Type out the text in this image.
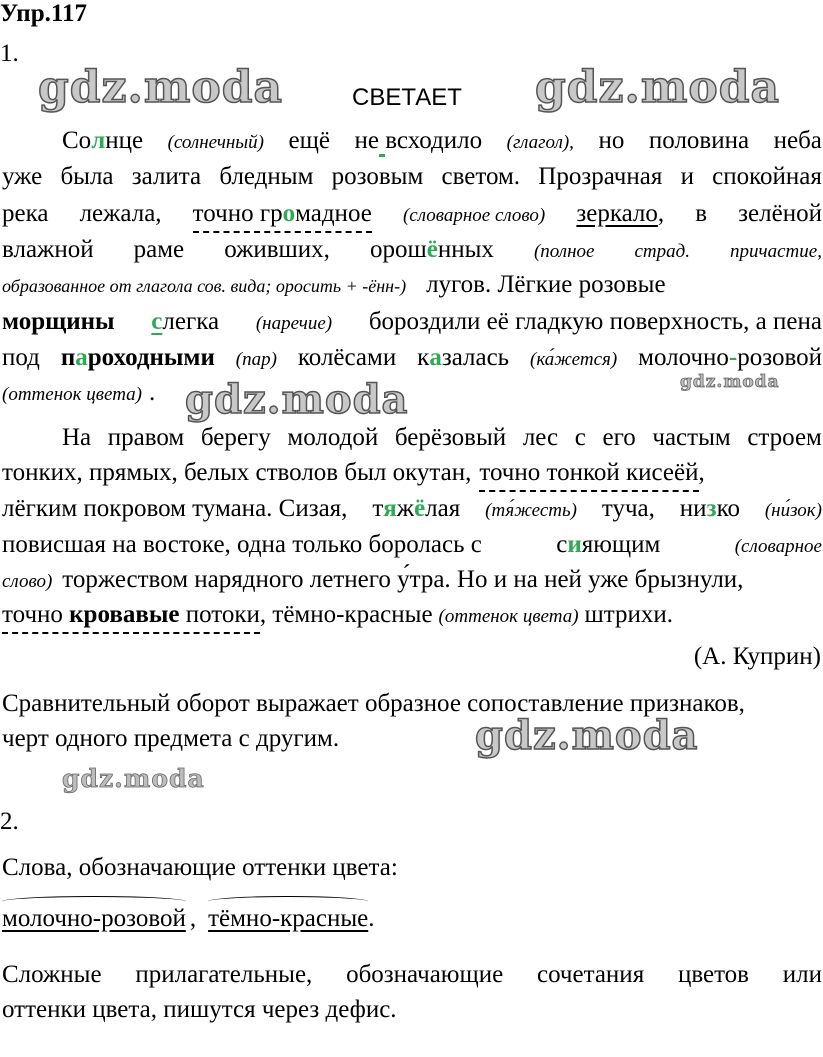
Упр.117
1.
gdz.moda	gdz.moda
СВЕТАЕТ
Солнце (солнечный) ещё не всходило (глагол), но половина неба
уже была залита бледным розовым светом. Прозрачная и спокойная
река лежала, точно громадное (словарное слово) зеркало, в зелёной
влажной раме оживших, орошённых (полное страд. причастие,
образованное от глагола сов. вида; оросить + -ённ-) лугов. Лёгкие розовые
морщины слегка (наречие) бороздили её гладкую поверхность, а пена
под пароходными (пар) колёсами казалась (ка́жется) молочно-розовой
(оттенок цвета) . gdz.moda	gdz.moda
На правом берегу молодой берёзовый лес с его частым строем
тонких, прямых, белых стволов был окутан, точно тонкой кисеёй ,
лёгким покровом тумана. Сизая, тяжёлая (тя́жесть) туча, низко (ни́зок)
повисшая на востоке, одна только боролась с	сияющим	(словарное
слово) торжеством нарядного летнего у́тра. Но и на ней уже брызнули,
точно кровавые потоки , тёмно-красные (оттенок цвета) штрихи.
(А. Куприн)
Сравнительный оборот выражает образное сопоставление признаков,
черт одного предмета с другим.	gdz.moda
gdz.moda
2.
Слова, обозначающие оттенки цвета:
молочно-розовой , тёмно-красные .
Сложные прилагательные, обозначающие сочетания цветов или
оттенки цвета, пишутся через дефис.
